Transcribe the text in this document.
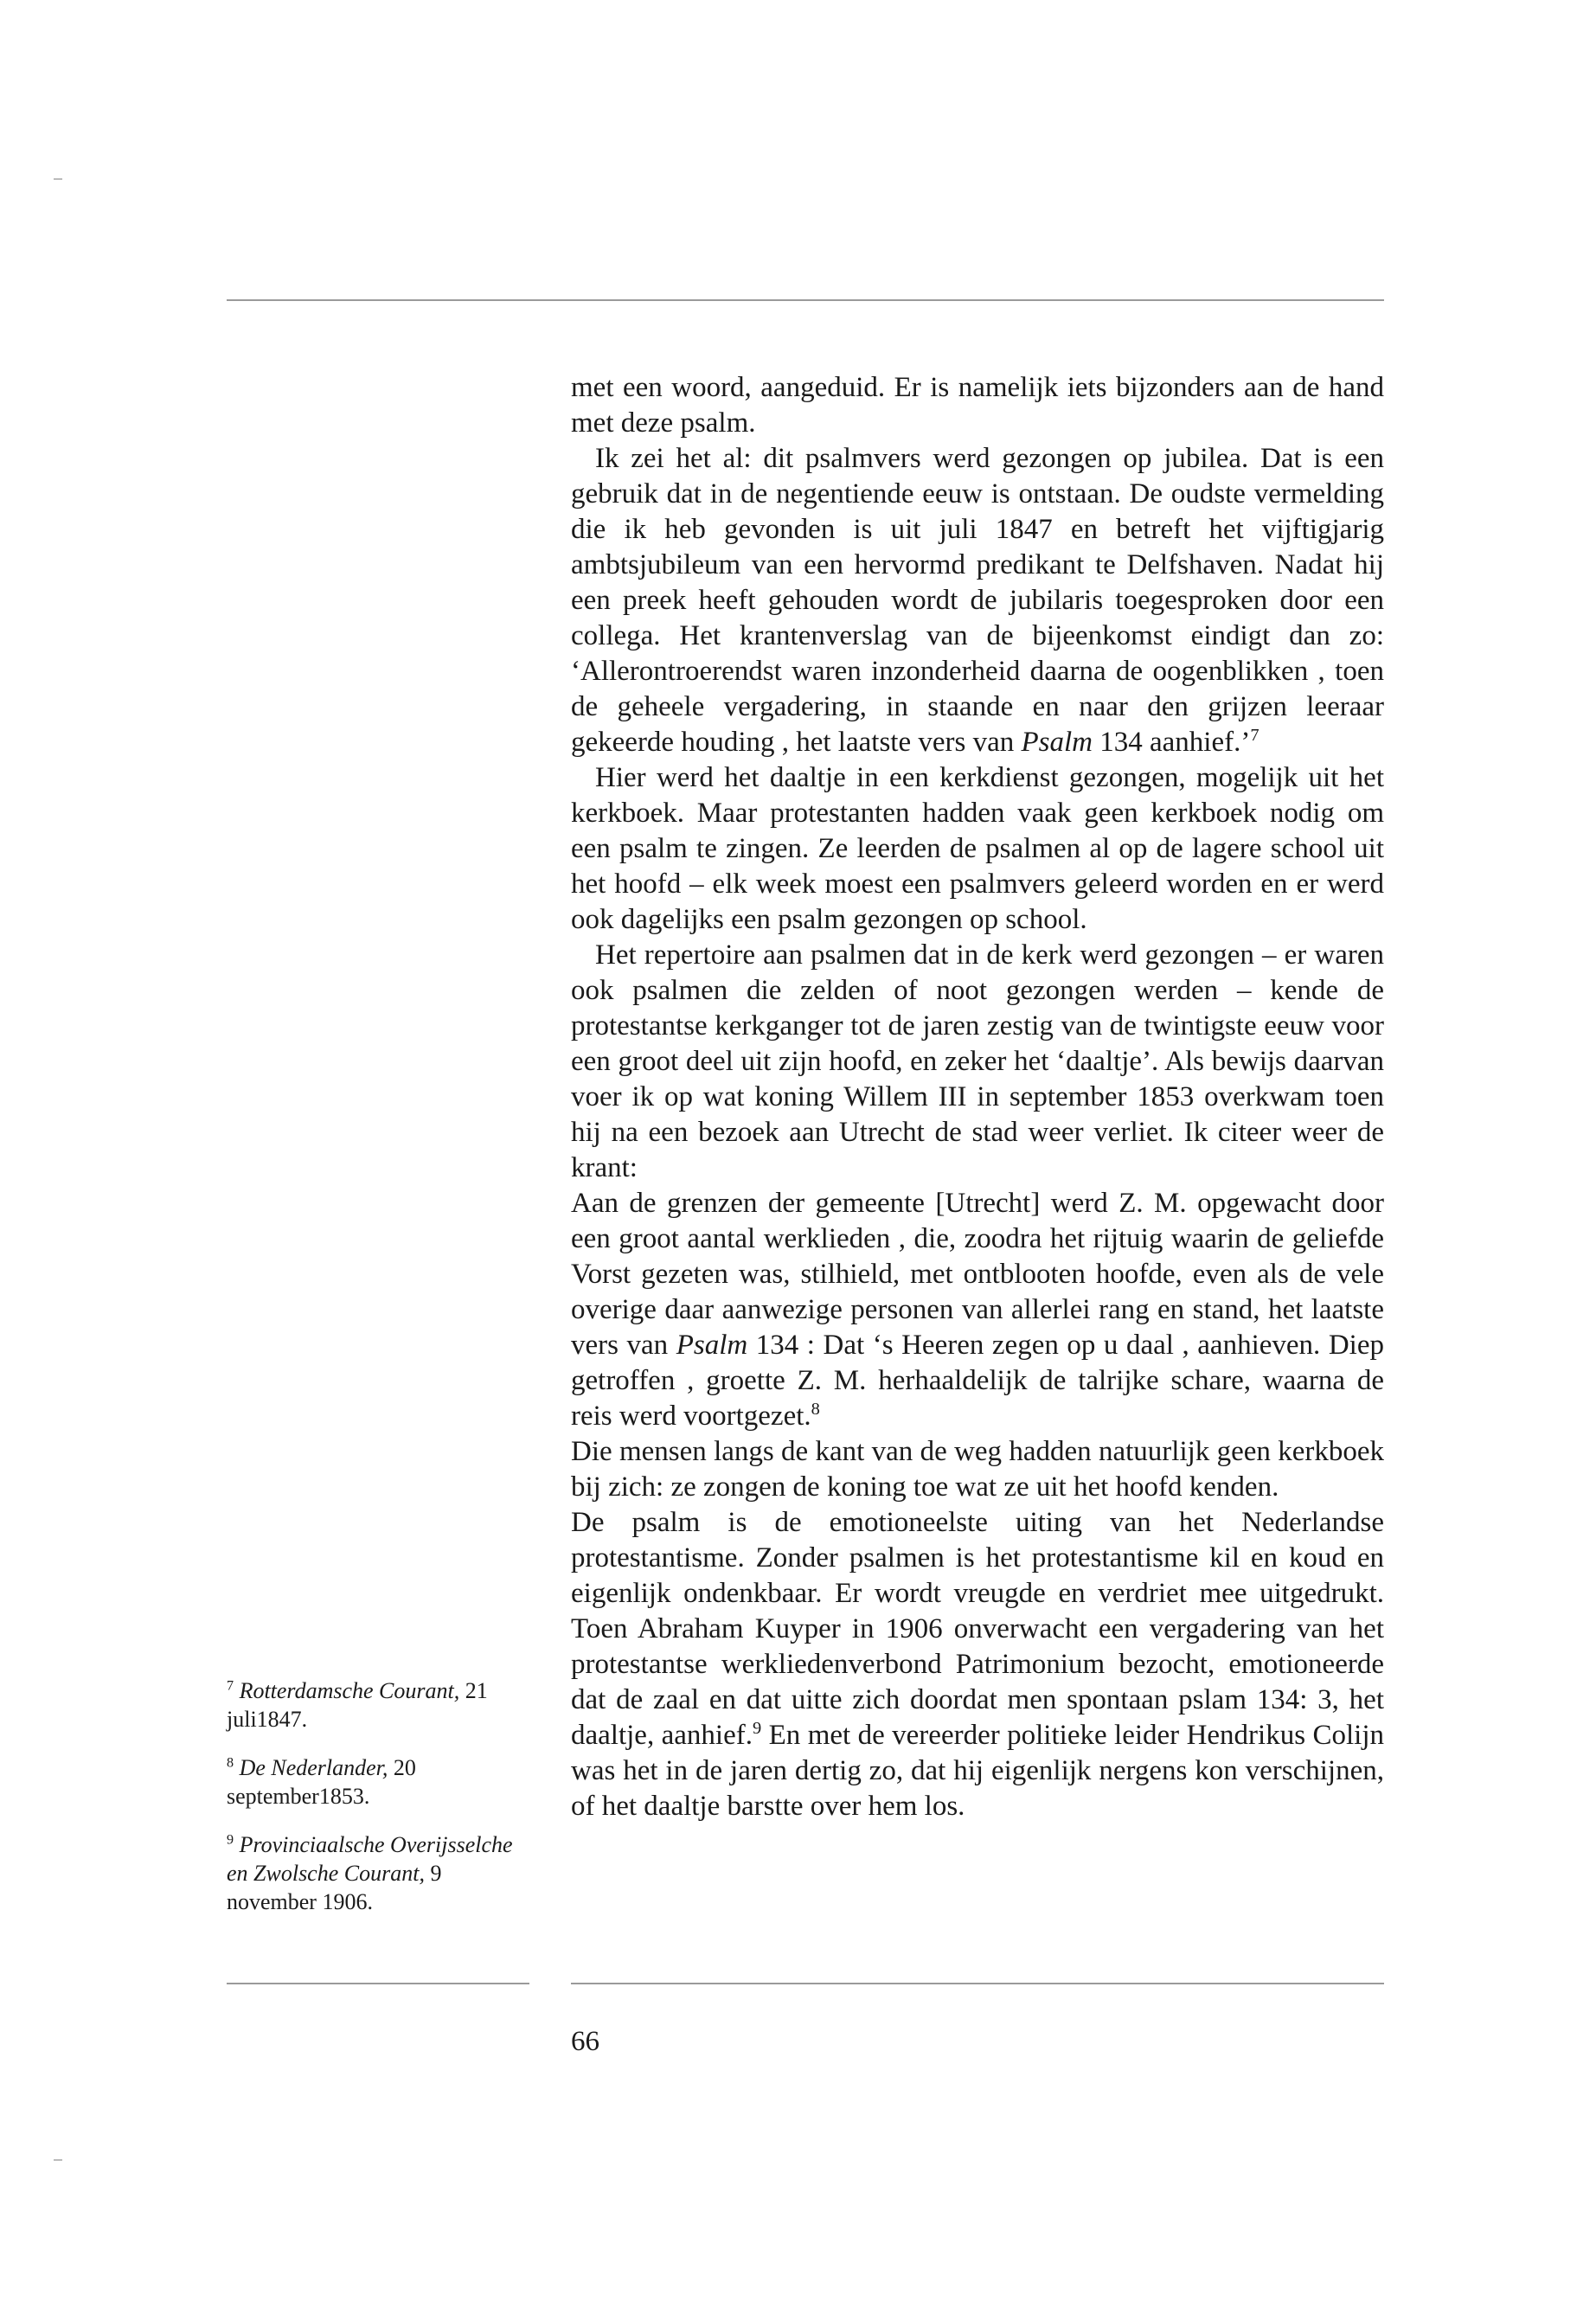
met een woord, aangeduid. Er is namelijk iets bijzonders aan de hand met deze psalm.

Ik zei het al: dit psalmvers werd gezongen op jubilea. Dat is een gebruik dat in de negentiende eeuw is ontstaan. De oudste vermelding die ik heb gevonden is uit juli 1847 en betreft het vijftigjarig ambtsjubileum van een hervormd predikant te Delfshaven. Nadat hij een preek heeft gehouden wordt de jubilaris toegesproken door een collega. Het krantenverslag van de bijeenkomst eindigt dan zo: ‘Allerontroerendst waren inzonderheid daarna de oogenblikken , toen de geheele vergadering, in staande en naar den grijzen leeraar gekeerde houding , het laatste vers van Psalm 134 aanhief.’$^7$

Hier werd het daaltje in een kerkdienst gezongen, mogelijk uit het kerkboek. Maar protestanten hadden vaak geen kerkboek nodig om een psalm te zingen. Ze leerden de psalmen al op de lagere school uit het hoofd – elk week moest een psalmvers geleerd worden en er werd ook dagelijks een psalm gezongen op school.

Het repertoire aan psalmen dat in de kerk werd gezongen – er waren ook psalmen die zelden of noot gezongen werden – kende de protestantse kerkganger tot de jaren zestig van de twintigste eeuw voor een groot deel uit zijn hoofd, en zeker het ‘daaltje’. Als bewijs daarvan voer ik op wat koning Willem III in september 1853 overkwam toen hij na een bezoek aan Utrecht de stad weer verliet. Ik citeer weer de krant:

Aan de grenzen der gemeente [Utrecht] werd Z. M. opgewacht door een groot aantal werklieden , die, zoodra het rijtuig waarin de geliefde Vorst gezeten was, stilhield, met ontblooten hoofde, even als de vele overige daar aanwezige personen van allerlei rang en stand, het laatste vers van Psalm 134 : Dat ‘s Heeren zegen op u daal , aanhieven. Diep getroffen , groette Z. M. herhaaldelijk de talrijke schare, waarna de reis werd voortgezet.$^8$

Die mensen langs de kant van de weg hadden natuurlijk geen kerkboek bij zich: ze zongen de koning toe wat ze uit het hoofd kenden.

De psalm is de emotioneelste uiting van het Nederlandse protestantisme. Zonder psalmen is het protestantisme kil en koud en eigenlijk ondenkbaar. Er wordt vreugde en verdriet mee uitgedrukt. Toen Abraham Kuyper in 1906 onverwacht een vergadering van het protestantse werkliedenverbond Patrimonium bezocht, emotioneerde dat de zaal en dat uitte zich doordat men spontaan pslam 134: 3, het daaltje, aanhief.$^9$ En met de vereerder politieke leider Hendrikus Colijn was het in de jaren dertig zo, dat hij eigenlijk nergens kon verschijnen, of het daaltje barstte over hem los.

$^7$ Rotterdamsche Courant, 21 juli1847.
$^8$ De Nederlander, 20 september1853.
$^9$ Provinciaalsche Overijsselche en Zwolsche Courant, 9 november 1906.
66
